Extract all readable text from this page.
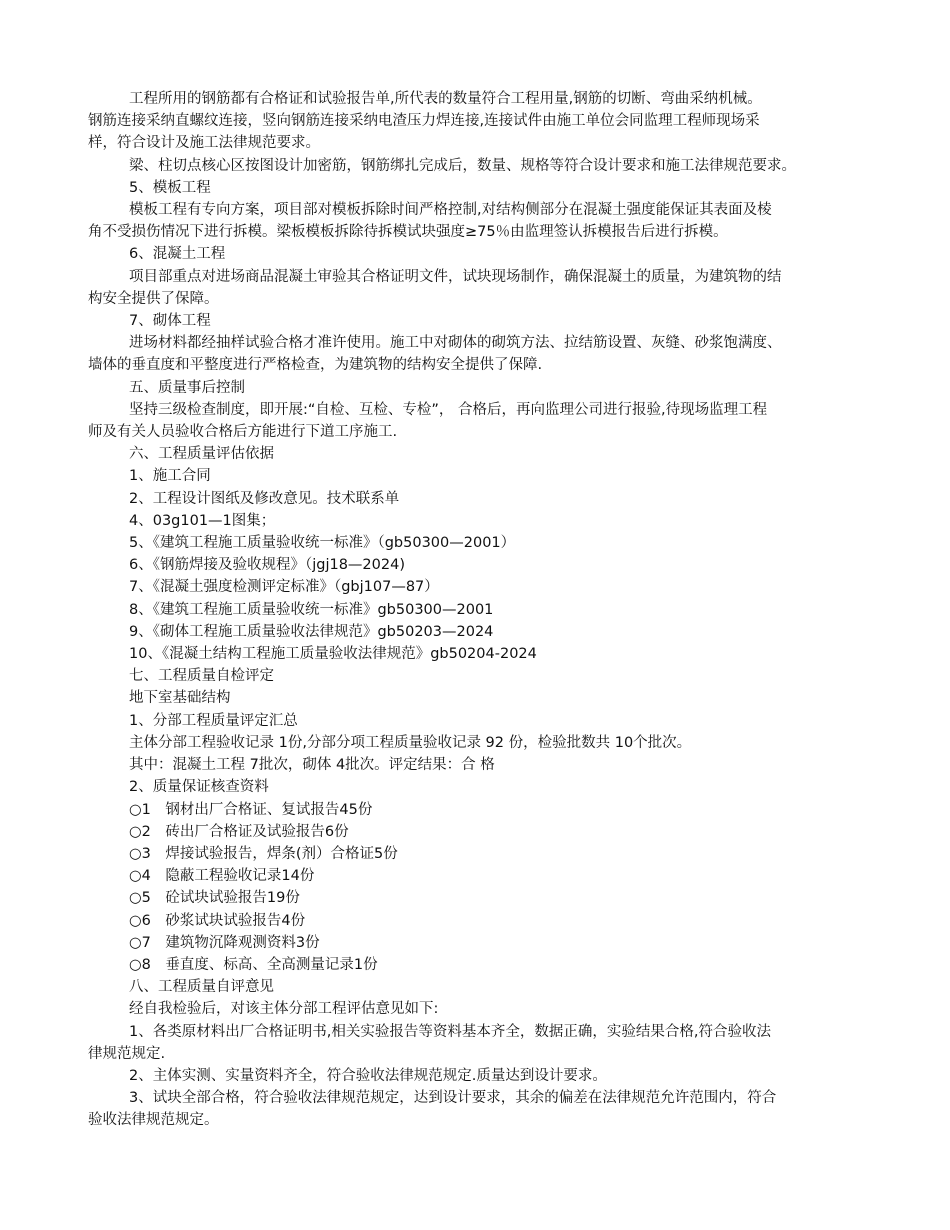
工程所用的钢筋都有合格证和试验报告单,所代表的数量符合工程用量,钢筋的切断、弯曲采纳机械。
钢筋连接采纳直螺纹连接，竖向钢筋连接采纳电渣压力焊连接,连接试件由施工单位会同监理工程师现场采
样，符合设计及施工法律规范要求。
梁、柱切点核心区按图设计加密筋，钢筋绑扎完成后，数量、规格等符合设计要求和施工法律规范要求。
5、模板工程
模板工程有专向方案，项目部对模板拆除时间严格控制,对结构侧部分在混凝土强度能保证其表面及棱
角不受损伤情况下进行拆模。梁板模板拆除待拆模试块强度≥75％由监理签认拆模报告后进行拆模。
6、混凝土工程
项目部重点对进场商品混凝土审验其合格证明文件，试块现场制作，确保混凝土的质量，为建筑物的结
构安全提供了保障。
7、砌体工程
进场材料都经抽样试验合格才准许使用。施工中对砌体的砌筑方法、拉结筋设置、灰缝、砂浆饱满度、
墙体的垂直度和平整度进行严格检查，为建筑物的结构安全提供了保障.
五、质量事后控制
坚持三级检查制度，即开展:“自检、互检、专检”， 合格后，再向监理公司进行报验,待现场监理工程
师及有关人员验收合格后方能进行下道工序施工.
六、工程质量评估依据
1、施工合同
2、工程设计图纸及修改意见。技术联系单
4、03g101—1图集；
5、《建筑工程施工质量验收统一标准》（gb50300—2001）
6、《钢筋焊接及验收规程》（jgj18—2024)
7、《混凝土强度检测评定标准》（gbj107—87）
8、《建筑工程施工质量验收统一标准》gb50300—2001
9、《砌体工程施工质量验收法律规范》gb50203—2024
10、《混凝土结构工程施工质量验收法律规范》gb50204-2024
七、工程质量自检评定
地下室基础结构
1、分部工程质量评定汇总
主体分部工程验收记录 1份,分部分项工程质量验收记录 92 份，检验批数共 10个批次。
其中：混凝土工程 7批次，砌体 4批次。评定结果：合 格
2、质量保证核查资料
○1　钢材出厂合格证、复试报告45份
○2　砖出厂合格证及试验报告6份
○3　焊接试验报告，焊条(剂）合格证5份
○4　隐蔽工程验收记录14份
○5　砼试块试验报告19份
○6　砂浆试块试验报告4份
○7　建筑物沉降观测资料3份
○8　垂直度、标高、全高测量记录1份
八、工程质量自评意见
经自我检验后，对该主体分部工程评估意见如下:
1、各类原材料出厂合格证明书,相关实验报告等资料基本齐全，数据正确，实验结果合格,符合验收法
律规范规定.
2、主体实测、实量资料齐全，符合验收法律规范规定.质量达到设计要求。
3、试块全部合格，符合验收法律规范规定，达到设计要求，其余的偏差在法律规范允许范围内，符合
验收法律规范规定。
